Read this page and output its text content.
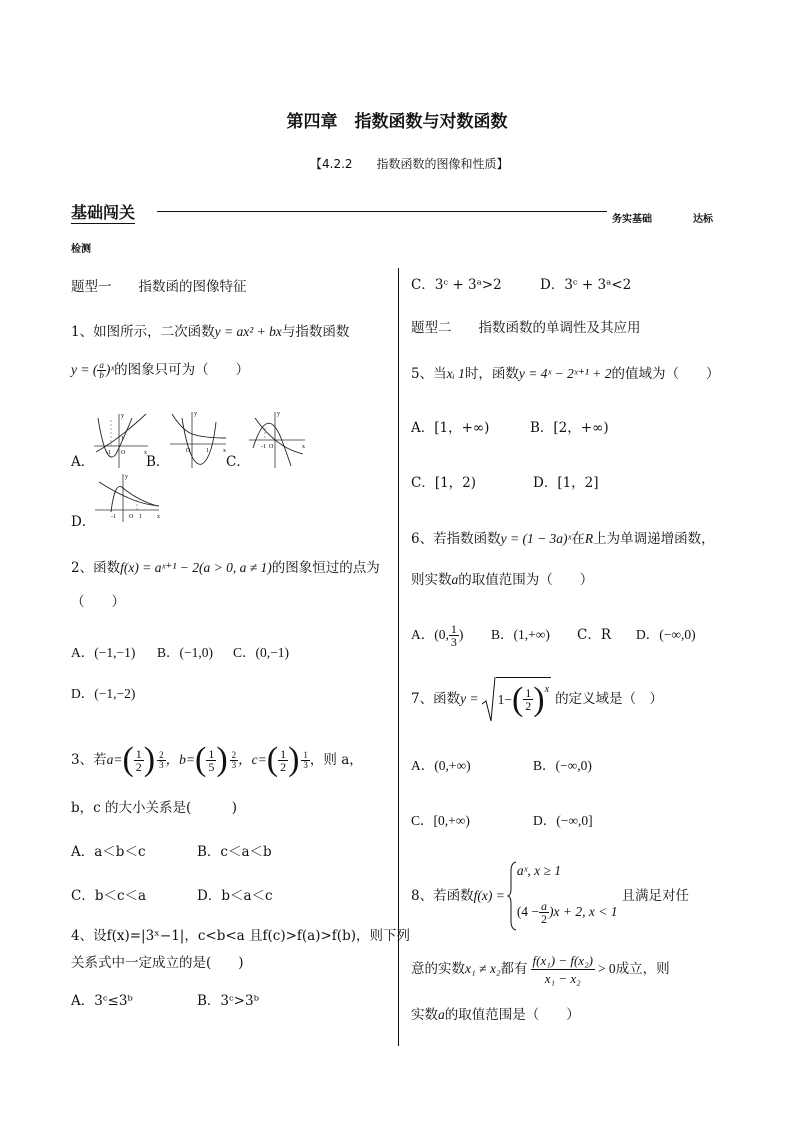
第四章　指数函数与对数函数
【4.2.2　　指数函数的图像和性质】
基础闯关	务实基础	达标
检测
题型一　　指数函的图像特征
1、如图所示，二次函数y = ax² + bx与指数函数
y = ( $\frac{a}{b}$ )ˣ的图象只可为（　　）
A．
y
x
-1 O
1
B．
y
x
O	1
C．
y
x
-1 O
D．
y
x
-1 O 1
2、函数f(x) = aˣ⁺¹ − 2(a > 0, a ≠ 1)的图象恒过的点为
（　　）
A．(−1,−1) B．(−1,0) C．(0,−1)
D．(−1,−2)
3、若 a= ( $\frac{1}{2}$ ) $\frac{2}{3}$ ，b= ( $\frac{1}{5}$ ) $\frac{2}{3}$ ，c= ( $\frac{1}{2}$ ) $\frac{1}{3}$ ，则 a，
b，c 的大小关系是(　　　)
A．a＜b＜c	B．c＜a＜b
C．b＜c＜a	D．b＜a＜c
4、设f(x)=|3ˣ−1|，c<b<a 且f(c)>f(a)>f(b)，则下列
关系式中一定成立的是(　　)
A．3ᶜ≤3ᵇ	B．3ᶜ>3ᵇ
C．3ᶜ + 3ᵃ>2	D．3ᶜ + 3ᵃ<2
题型二　　指数函数的单调性及其应用
5、当xᵢ 1时，函数y = 4ˣ − 2ˣ⁺¹ + 2的值域为（　　）
A．[1，+∞)	B．[2，+∞)
C．[1，2)	D．[1，2]
6、若指数函数y = (1 − 3a)ˣ在R上为单调递增函数，
则实数a的取值范围为（　　）
A．(0, $\frac{1}{3}$ ) B．(1,+∞) C．R D．(−∞,0)
7、函数 y = 1− ( $\frac{1}{2}$ ) x
的定义域是（　）
A．(0,+∞)	B．(−∞,0)
C．[0,+∞)	D．(−∞,0]
8、若函数 f(x) =
aˣ, x ≥ 1
$(4 - \frac{a}{2} )x + 2$, x < 1
且满足对任
意的实数 x₁ ≠ x₂ 都有 $\frac{\text{f(x₁) − f(x₂)}}{\text{x₁ − x₂}} > 0$ 成立，则
实数a的取值范围是（　　）
